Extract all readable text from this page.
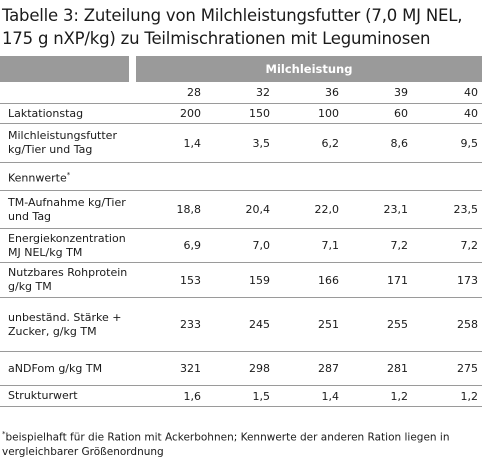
Tabelle 3: Zuteilung von Milchleistungsfutter (7,0 MJ NEL, 175 g nXP/kg) zu Teilmischrationen mit Leguminosen
		Milchleistung				
		28	32	36	39	40
Laktationstag		200	150	100	60	40
Milchleistungsfutter kg/Tier und Tag		1,4	3,5	6,2	8,6	9,5
Kennwerte*						
TM-Aufnahme kg/Tier und Tag		18,8	20,4	22,0	23,1	23,5
Energiekonzentration MJ NEL/kg TM		6,9	7,0	7,1	7,2	7,2
Nutzbares Rohprotein g/kg TM		153	159	166	171	173
unbeständ. Stärke + Zucker, g/kg TM		233	245	251	255	258
aNDFom g/kg TM		321	298	287	281	275
Strukturwert		1,6	1,5	1,4	1,2	1,2
*beispielhaft für die Ration mit Ackerbohnen; Kennwerte der anderen Ration liegen in vergleichbarer Größenordnung
